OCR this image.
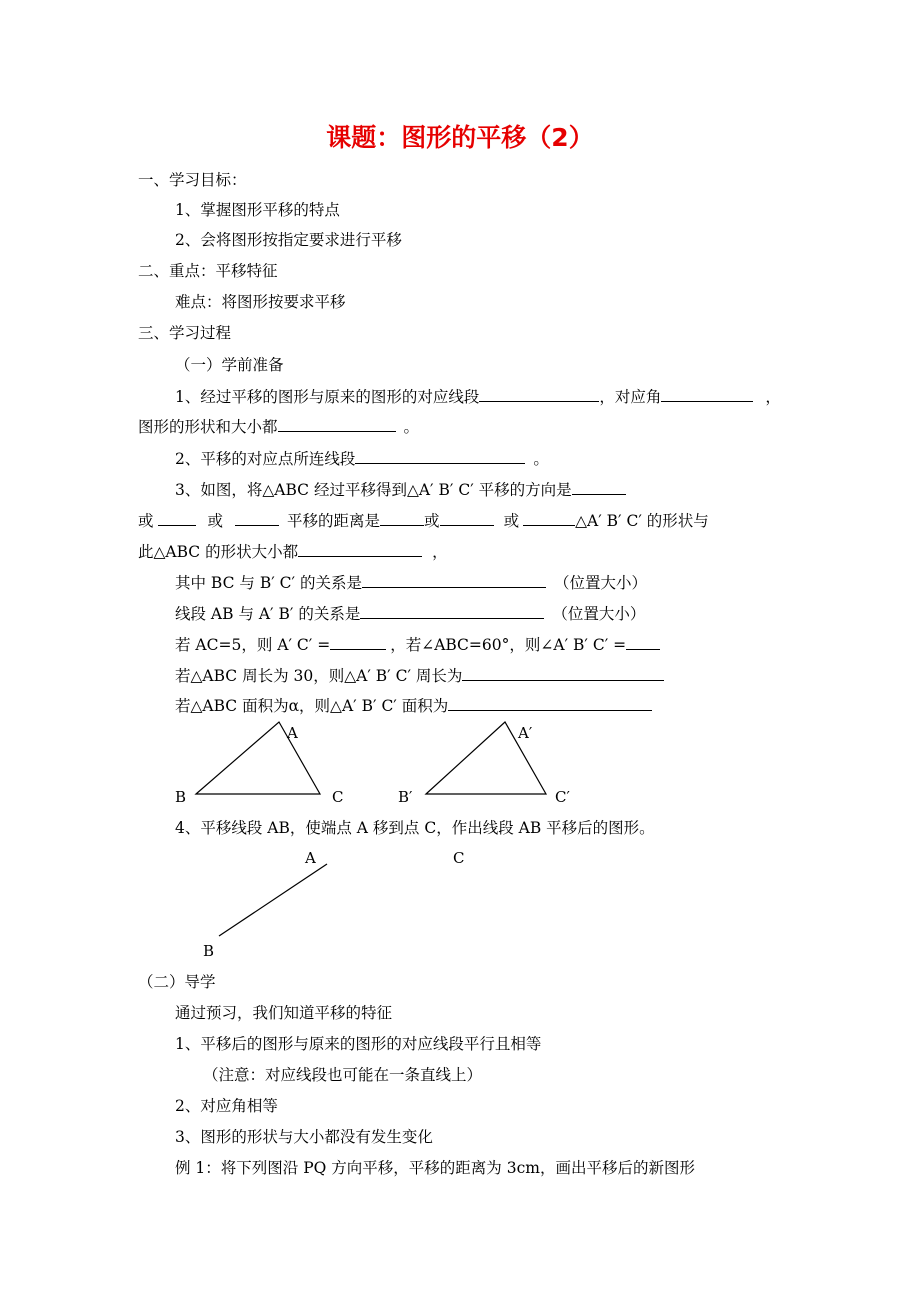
课题：图形的平移（2）
一、学习目标：
1、掌握图形平移的特点
2、会将图形按指定要求进行平移
二、重点：平移特征
难点：将图形按要求平移
三、学习过程
（一）学前准备
1、经过平移的图形与原来的图形的对应线段	，对应角	，
图形的形状和大小都	。
2、平移的对应点所连线段	。
3、如图，将△ABC 经过平移得到△A′ B′ C′ 平移的方向是
或	或	平移的距离是	或	或	△A′ B′ C′ 的形状与
此△ABC 的形状大小都	，
其中 BC 与 B′ C′ 的关系是	（位置大小）
线段 AB 与 A′ B′ 的关系是	（位置大小）
若 AC=5，则 A′ C′ =	，若∠ABC=60°，则∠A′ B′ C′ =
若△ABC 周长为 30，则△A′ B′ C′ 周长为
若△ABC 面积为α，则△A′ B′ C′ 面积为
A
B	C
A′
B′	C′
4、平移线段 AB，使端点 A 移到点 C，作出线段 AB 平移后的图形。
A	C
B
（二）导学
通过预习，我们知道平移的特征
1、平移后的图形与原来的图形的对应线段平行且相等
（注意：对应线段也可能在一条直线上）
2、对应角相等
3、图形的形状与大小都没有发生变化
例 1：将下列图沿 PQ 方向平移，平移的距离为 3cm，画出平移后的新图形
